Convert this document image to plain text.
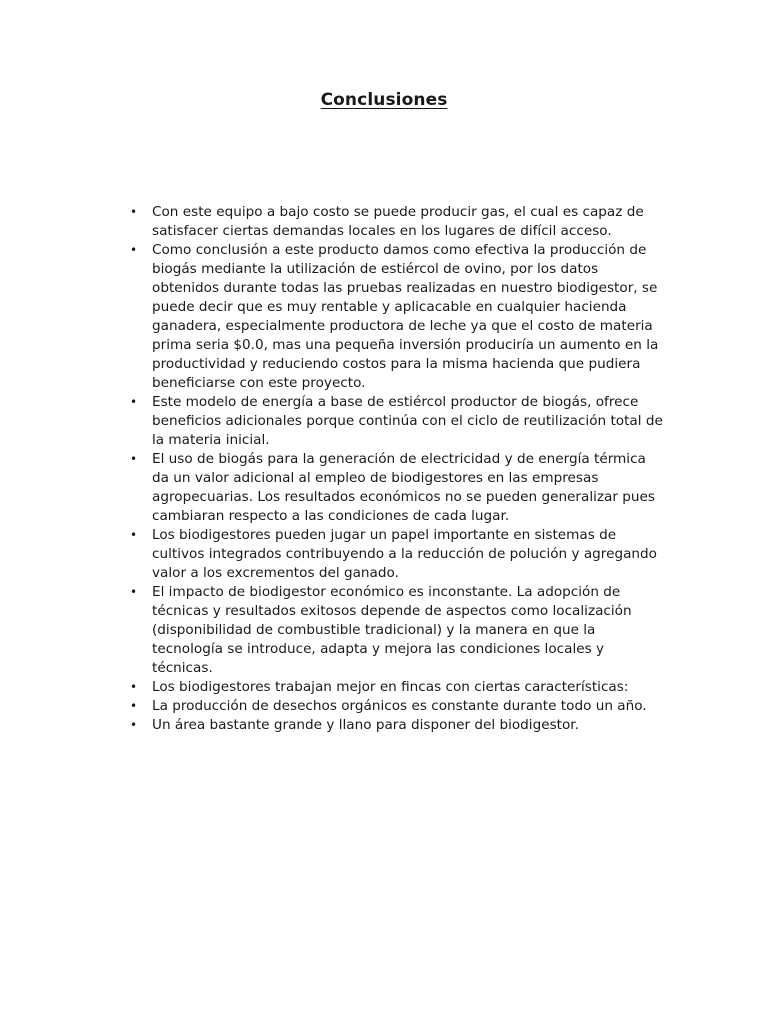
Conclusiones
• Con este equipo a bajo costo se puede producir gas, el cual es capaz de satisfacer ciertas demandas locales en los lugares de difícil acceso.
• Como conclusión a este producto damos como efectiva la producción de biogás mediante la utilización de estiércol de ovino, por los datos obtenidos durante todas las pruebas realizadas en nuestro biodigestor, se puede decir que es muy rentable y aplicacable en cualquier hacienda ganadera, especialmente productora de leche ya que el costo de materia prima seria $0.0, mas una pequeña inversión produciría un aumento en la productividad y reduciendo costos para la misma hacienda que pudiera beneficiarse con este proyecto.
• Este modelo de energía a base de estiércol productor de biogás, ofrece beneficios adicionales porque continúa con el ciclo de reutilización total de la materia inicial.
• El uso de biogás para la generación de electricidad y de energía térmica da un valor adicional al empleo de biodigestores en las empresas agropecuarias. Los resultados económicos no se pueden generalizar pues cambiaran respecto a las condiciones de cada lugar.
• Los biodigestores pueden jugar un papel importante en sistemas de cultivos integrados contribuyendo a la reducción de polución y agregando valor a los excrementos del ganado.
• El impacto de biodigestor económico es inconstante. La adopción de técnicas y resultados exitosos depende de aspectos como localización (disponibilidad de combustible tradicional) y la manera en que la tecnología se introduce, adapta y mejora las condiciones locales y técnicas.
• Los biodigestores trabajan mejor en fincas con ciertas características:
• La producción de desechos orgánicos es constante durante todo un año.
• Un área bastante grande y llano para disponer del biodigestor.
